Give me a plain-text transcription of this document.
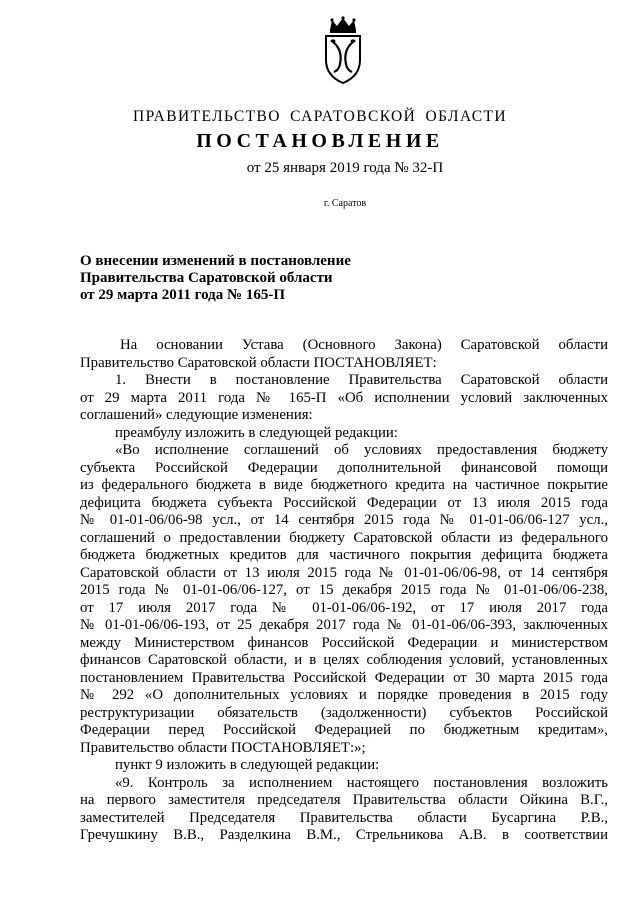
ПРАВИТЕЛЬСТВО САРАТОВСКОЙ ОБЛАСТИ
ПОСТАНОВЛЕНИЕ
от 25 января 2019 года № 32-П
г. Саратов
О внесении изменений в постановление
Правительства Саратовской области
от 29 марта 2011 года № 165-П
На основании Устава (Основного Закона) Саратовской области
Правительство Саратовской области ПОСТАНОВЛЯЕТ:
1. Внести в постановление Правительства Саратовской области
от 29 марта 2011 года № 165-П «Об исполнении условий заключенных
соглашений» следующие изменения:
преамбулу изложить в следующей редакции:
«Во исполнение соглашений об условиях предоставления бюджету
субъекта Российской Федерации дополнительной финансовой помощи
из федерального бюджета в виде бюджетного кредита на частичное покрытие
дефицита бюджета субъекта Российской Федерации от 13 июля 2015 года
№ 01-01-06/06-98 усл., от 14 сентября 2015 года № 01-01-06/06-127 усл.,
соглашений о предоставлении бюджету Саратовской области из федерального
бюджета бюджетных кредитов для частичного покрытия дефицита бюджета
Саратовской области от 13 июля 2015 года № 01-01-06/06-98, от 14 сентября
2015 года № 01-01-06/06-127, от 15 декабря 2015 года № 01-01-06/06-238,
от 17 июля 2017 года № 01-01-06/06-192, от 17 июля 2017 года
№ 01-01-06/06-193, от 25 декабря 2017 года № 01-01-06/06-393, заключенных
между Министерством финансов Российской Федерации и министерством
финансов Саратовской области, и в целях соблюдения условий, установленных
постановлением Правительства Российской Федерации от 30 марта 2015 года
№ 292 «О дополнительных условиях и порядке проведения в 2015 году
реструктуризации обязательств (задолженности) субъектов Российской
Федерации перед Российской Федерацией по бюджетным кредитам»,
Правительство области ПОСТАНОВЛЯЕТ:»;
пункт 9 изложить в следующей редакции:
«9. Контроль за исполнением настоящего постановления возложить
на первого заместителя председателя Правительства области Ойкина В.Г.,
заместителей Председателя Правительства области Бусаргина Р.В.,
Гречушкину В.В., Разделкина В.М., Стрельникова А.В. в соответствии
